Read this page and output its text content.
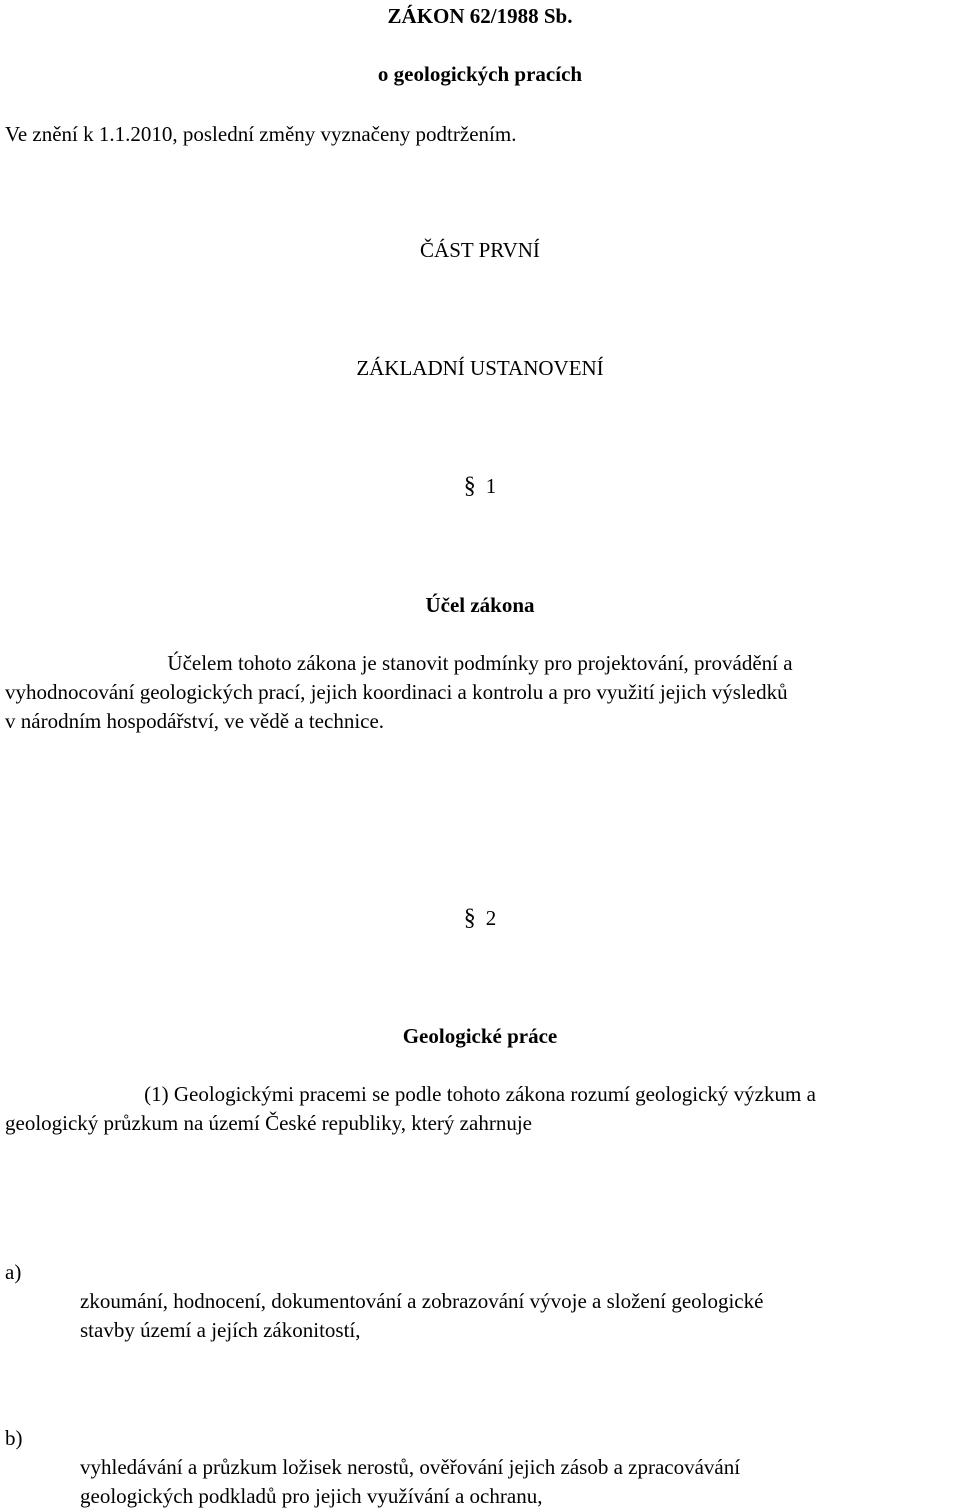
ZÁKON 62/1988 Sb.
o geologických pracích
Ve znění k 1.1.2010, poslední změny vyznačeny podtržením.
ČÁST PRVNÍ
ZÁKLADNÍ USTANOVENÍ
§ 1
Účel zákona
Účelem tohoto zákona je stanovit podmínky pro projektování, provádění a
vyhodnocování geologických prací, jejich koordinaci a kontrolu a pro využití jejich výsledků
v národním hospodářství, ve vědě a technice.
§ 2
Geologické práce
(1) Geologickými pracemi se podle tohoto zákona rozumí geologický výzkum a
geologický průzkum na území České republiky, který zahrnuje
a)
zkoumání, hodnocení, dokumentování a zobrazování vývoje a složení geologické
stavby území a jejích zákonitostí,
b)
vyhledávání a průzkum ložisek nerostů, ověřování jejich zásob a zpracovávání
geologických podkladů pro jejich využívání a ochranu,
